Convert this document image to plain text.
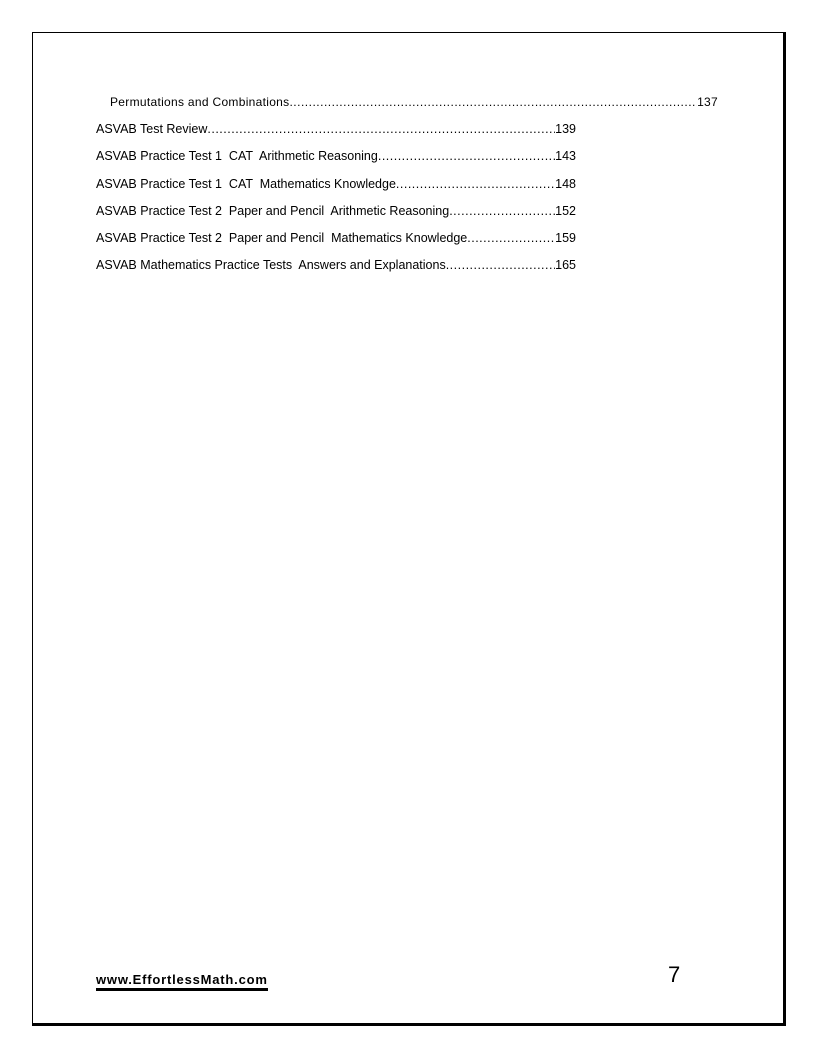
Permutations and Combinations .....	137
ASVAB Test Review .....	139
ASVAB Practice Test 1  CAT  Arithmetic Reasoning .....	143
ASVAB Practice Test 1  CAT  Mathematics Knowledge .....	148
ASVAB Practice Test 2  Paper and Pencil  Arithmetic Reasoning .....	152
ASVAB Practice Test 2  Paper and Pencil  Mathematics Knowledge .....	159
ASVAB Mathematics Practice Tests  Answers and Explanations .....	165
www.EffortlessMath.com	7
